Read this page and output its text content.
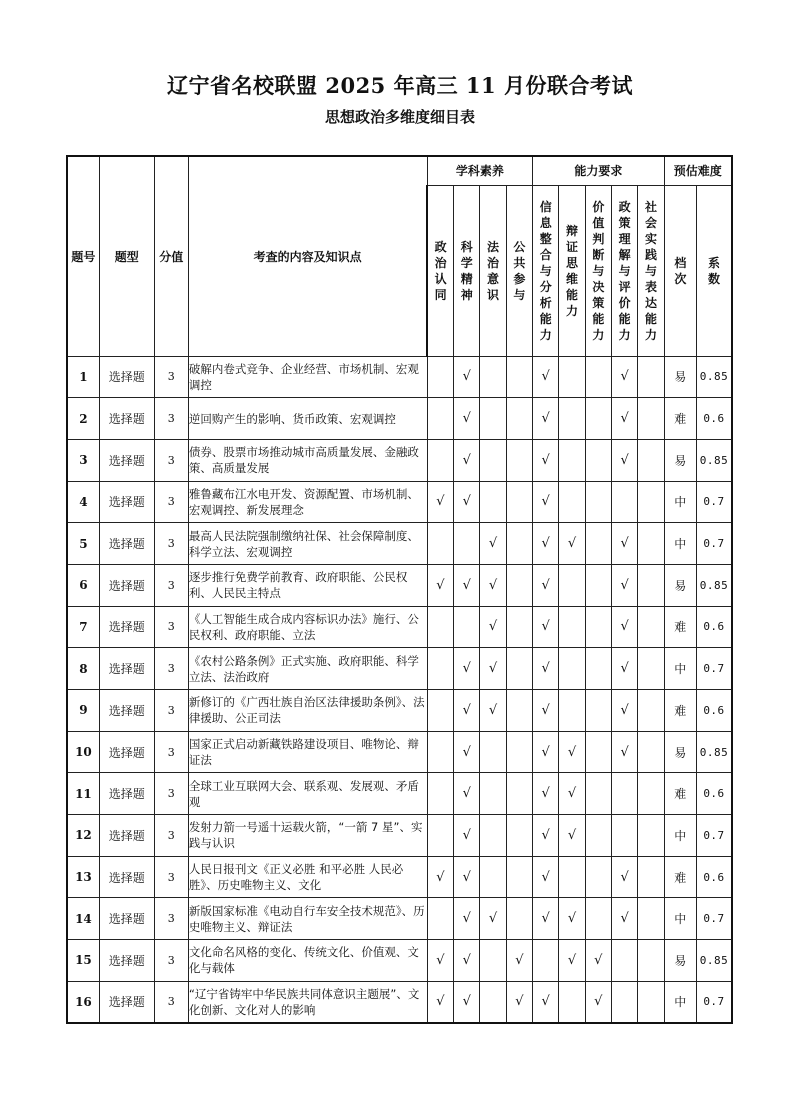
辽宁省名校联盟 2025 年高三 11 月份联合考试
思想政治多维度细目表
题号	题型	分值	考查的内容及知识点	学科素养				能力要求					预估难度	
				政治认同	科学精神	法治意识	公共参与	信息整合与分析能力	辩证思维能力	价值判断与决策能力	政策理解与评价能力	社会实践与表达能力	档次	系数
1	选择题	3	破解内卷式竞争、企业经营、市场机制、宏观调控		√			√			√		易	0.85
2	选择题	3	逆回购产生的影响、货币政策、宏观调控		√			√			√		难	0.6
3	选择题	3	债券、股票市场推动城市高质量发展、金融政策、高质量发展		√			√			√		易	0.85
4	选择题	3	雅鲁藏布江水电开发、资源配置、市场机制、宏观调控、新发展理念	√	√			√					中	0.7
5	选择题	3	最高人民法院强制缴纳社保、社会保障制度、科学立法、宏观调控			√		√	√		√		中	0.7
6	选择题	3	逐步推行免费学前教育、政府职能、公民权利、人民民主特点	√	√	√		√			√		易	0.85
7	选择题	3	《人工智能生成合成内容标识办法》施行、公民权利、政府职能、立法			√		√			√		难	0.6
8	选择题	3	《农村公路条例》正式实施、政府职能、科学立法、法治政府		√	√		√			√		中	0.7
9	选择题	3	新修订的《广西壮族自治区法律援助条例》、法律援助、公正司法		√	√		√			√		难	0.6
10	选择题	3	国家正式启动新藏铁路建设项目、唯物论、辩证法		√			√	√		√		易	0.85
11	选择题	3	全球工业互联网大会、联系观、发展观、矛盾观		√			√	√				难	0.6
12	选择题	3	发射力箭一号遥十运载火箭，“一箭 7 星”、实践与认识		√			√	√				中	0.7
13	选择题	3	人民日报刊文《正义必胜 和平必胜 人民必胜》、历史唯物主义、文化	√	√			√			√		难	0.6
14	选择题	3	新版国家标准《电动自行车安全技术规范》、历史唯物主义、辩证法		√	√		√	√		√		中	0.7
15	选择题	3	文化命名风格的变化、传统文化、价值观、文化与载体	√	√		√		√	√			易	0.85
16	选择题	3	“辽宁省铸牢中华民族共同体意识主题展”、文化创新、文化对人的影响	√	√		√	√		√			中	0.7
